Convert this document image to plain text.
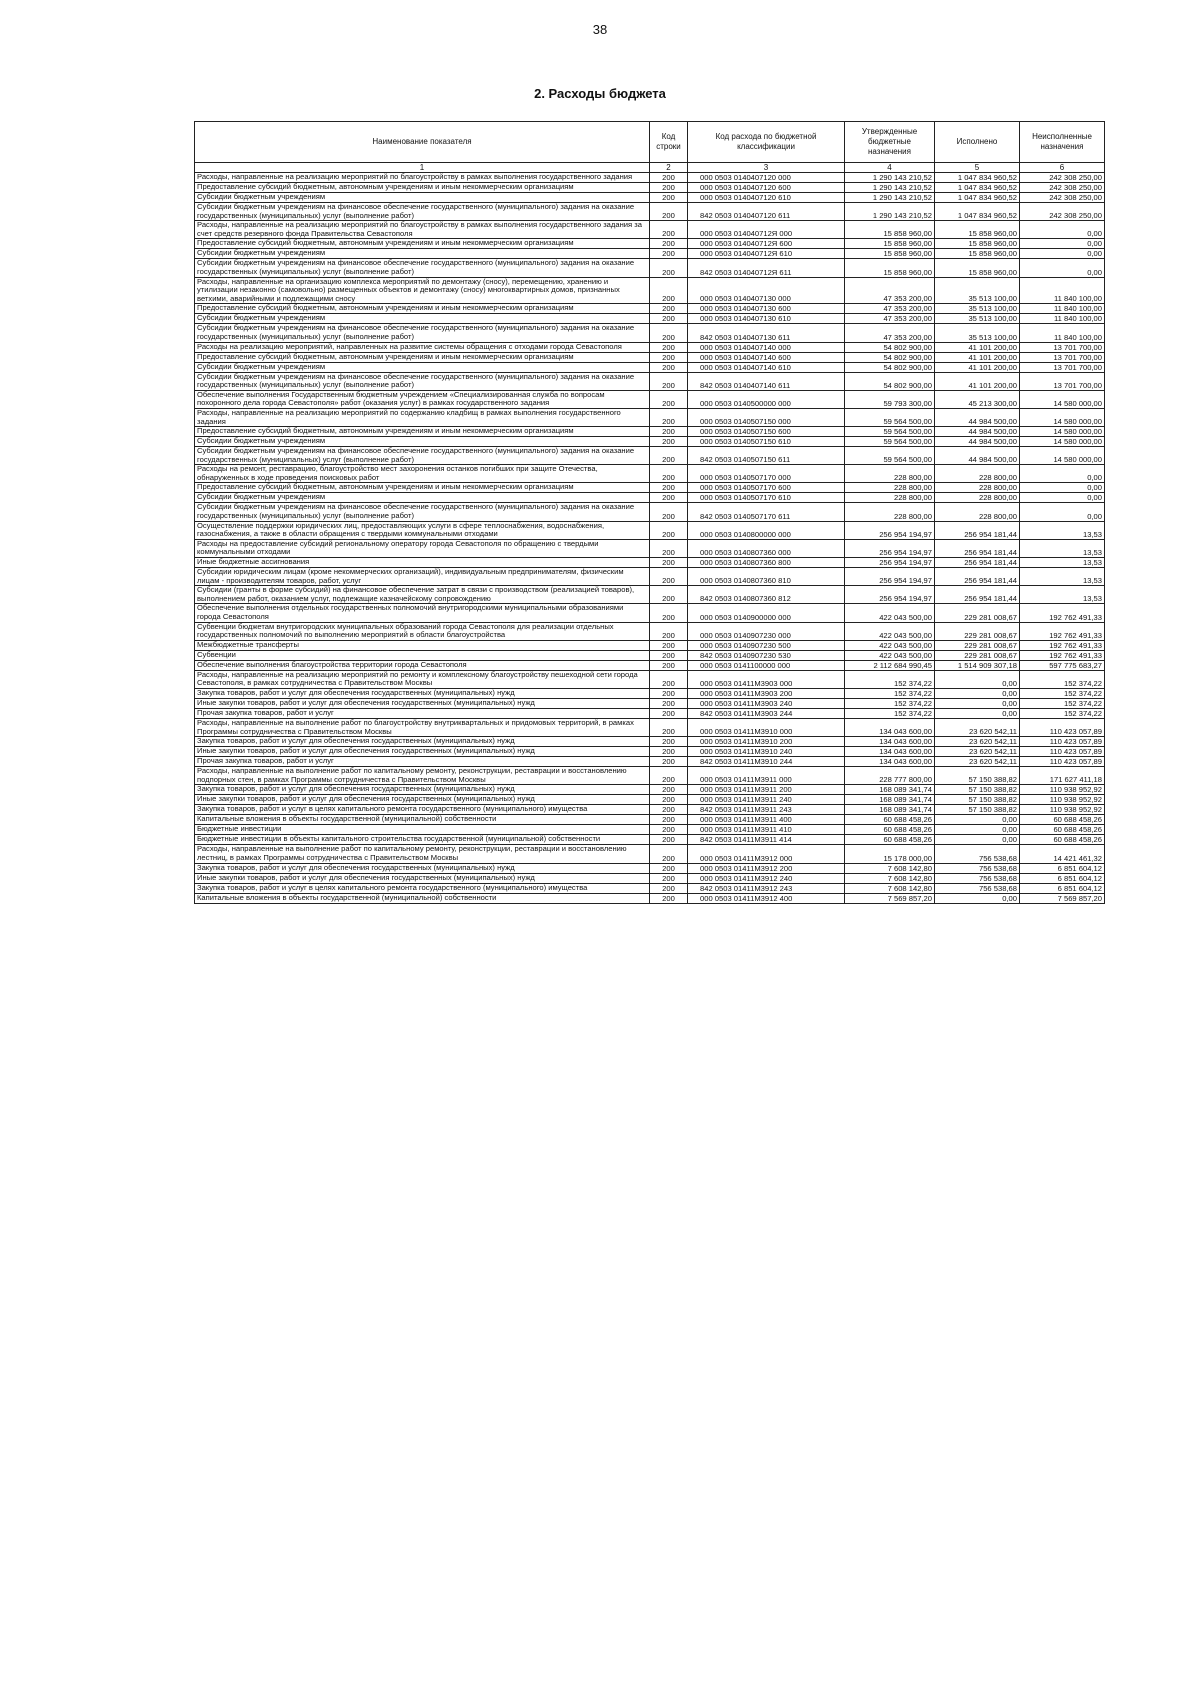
38
2. Расходы бюджета
Наименование показателя	Код строки	Код расхода по бюджетной классификации	Утвержденные бюджетные назначения	Исполнено	Неисполненные назначения
1	2	3	4	5	6
Расходы, направленные на реализацию мероприятий по благоустройству в рамках выполнения государственного задания	200	000 0503 0140407120 000	1 290 143 210,52	1 047 834 960,52	242 308 250,00
Предоставление субсидий бюджетным, автономным учреждениям и иным некоммерческим организациям	200	000 0503 0140407120 600	1 290 143 210,52	1 047 834 960,52	242 308 250,00
Субсидии бюджетным учреждениям	200	000 0503 0140407120 610	1 290 143 210,52	1 047 834 960,52	242 308 250,00
Субсидии бюджетным учреждениям на финансовое обеспечение государственного (муниципального) задания на оказание государственных (муниципальных) услуг (выполнение работ)	200	842 0503 0140407120 611	1 290 143 210,52	1 047 834 960,52	242 308 250,00
Расходы, направленные на реализацию мероприятий по благоустройству в рамках выполнения государственного задания за счет средств резервного фонда Правительства Севастополя	200	000 0503 014040712Я 000	15 858 960,00	15 858 960,00	0,00
Предоставление субсидий бюджетным, автономным учреждениям и иным некоммерческим организациям	200	000 0503 014040712Я 600	15 858 960,00	15 858 960,00	0,00
Субсидии бюджетным учреждениям	200	000 0503 014040712Я 610	15 858 960,00	15 858 960,00	0,00
Субсидии бюджетным учреждениям на финансовое обеспечение государственного (муниципального) задания на оказание государственных (муниципальных) услуг (выполнение работ)	200	842 0503 014040712Я 611	15 858 960,00	15 858 960,00	0,00
Расходы, направленные на организацию комплекса мероприятий по демонтажу (сносу), перемещению, хранению и утилизации незаконно (самовольно) размещенных объектов и демонтажу (сносу) многоквартирных домов, признанных ветхими, аварийными и подлежащими сносу	200	000 0503 0140407130 000	47 353 200,00	35 513 100,00	11 840 100,00
Предоставление субсидий бюджетным, автономным учреждениям и иным некоммерческим организациям	200	000 0503 0140407130 600	47 353 200,00	35 513 100,00	11 840 100,00
Субсидии бюджетным учреждениям	200	000 0503 0140407130 610	47 353 200,00	35 513 100,00	11 840 100,00
Субсидии бюджетным учреждениям на финансовое обеспечение государственного (муниципального) задания на оказание государственных (муниципальных) услуг (выполнение работ)	200	842 0503 0140407130 611	47 353 200,00	35 513 100,00	11 840 100,00
Расходы на реализацию мероприятий, направленных на развитие системы обращения с отходами города Севастополя	200	000 0503 0140407140 000	54 802 900,00	41 101 200,00	13 701 700,00
Предоставление субсидий бюджетным, автономным учреждениям и иным некоммерческим организациям	200	000 0503 0140407140 600	54 802 900,00	41 101 200,00	13 701 700,00
Субсидии бюджетным учреждениям	200	000 0503 0140407140 610	54 802 900,00	41 101 200,00	13 701 700,00
Субсидии бюджетным учреждениям на финансовое обеспечение государственного (муниципального) задания на оказание государственных (муниципальных) услуг (выполнение работ)	200	842 0503 0140407140 611	54 802 900,00	41 101 200,00	13 701 700,00
Обеспечение выполнения Государственным бюджетным учреждением «Специализированная служба по вопросам похоронного дела города Севастополя» работ (оказания услуг) в рамках государственного задания	200	000 0503 0140500000 000	59 793 300,00	45 213 300,00	14 580 000,00
Расходы, направленные на реализацию мероприятий по содержанию кладбищ в рамках выполнения государственного задания	200	000 0503 0140507150 000	59 564 500,00	44 984 500,00	14 580 000,00
Предоставление субсидий бюджетным, автономным учреждениям и иным некоммерческим организациям	200	000 0503 0140507150 600	59 564 500,00	44 984 500,00	14 580 000,00
Субсидии бюджетным учреждениям	200	000 0503 0140507150 610	59 564 500,00	44 984 500,00	14 580 000,00
Субсидии бюджетным учреждениям на финансовое обеспечение государственного (муниципального) задания на оказание государственных (муниципальных) услуг (выполнение работ)	200	842 0503 0140507150 611	59 564 500,00	44 984 500,00	14 580 000,00
Расходы на ремонт, реставрацию, благоустройство мест захоронения останков погибших при защите Отечества, обнаруженных в ходе проведения поисковых работ	200	000 0503 0140507170 000	228 800,00	228 800,00	0,00
Предоставление субсидий бюджетным, автономным учреждениям и иным некоммерческим организациям	200	000 0503 0140507170 600	228 800,00	228 800,00	0,00
Субсидии бюджетным учреждениям	200	000 0503 0140507170 610	228 800,00	228 800,00	0,00
Субсидии бюджетным учреждениям на финансовое обеспечение государственного (муниципального) задания на оказание государственных (муниципальных) услуг (выполнение работ)	200	842 0503 0140507170 611	228 800,00	228 800,00	0,00
Осуществление поддержки юридических лиц, предоставляющих услуги в сфере теплоснабжения, водоснабжения, газоснабжения, а также в области обращения с твердыми коммунальными отходами	200	000 0503 0140800000 000	256 954 194,97	256 954 181,44	13,53
Расходы на предоставление субсидий региональному оператору города Севастополя по обращению с твердыми коммунальными отходами	200	000 0503 0140807360 000	256 954 194,97	256 954 181,44	13,53
Иные бюджетные ассигнования	200	000 0503 0140807360 800	256 954 194,97	256 954 181,44	13,53
Субсидии юридическим лицам (кроме некоммерческих организаций), индивидуальным предпринимателям, физическим лицам - производителям товаров, работ, услуг	200	000 0503 0140807360 810	256 954 194,97	256 954 181,44	13,53
Субсидии (гранты в форме субсидий) на финансовое обеспечение затрат в связи с производством (реализацией товаров), выполнением работ, оказанием услуг, подлежащие казначейскому сопровождению	200	842 0503 0140807360 812	256 954 194,97	256 954 181,44	13,53
Обеспечение выполнения отдельных государственных полномочий внутригородскими муниципальными образованиями города Севастополя	200	000 0503 0140900000 000	422 043 500,00	229 281 008,67	192 762 491,33
Субвенции бюджетам внутригородских муниципальных образований города Севастополя для реализации отдельных государственных полномочий по выполнению мероприятий в области благоустройства	200	000 0503 0140907230 000	422 043 500,00	229 281 008,67	192 762 491,33
Межбюджетные трансферты	200	000 0503 0140907230 500	422 043 500,00	229 281 008,67	192 762 491,33
Субвенции	200	842 0503 0140907230 530	422 043 500,00	229 281 008,67	192 762 491,33
Обеспечение выполнения благоустройства территории города Севастополя	200	000 0503 0141100000 000	2 112 684 990,45	1 514 909 307,18	597 775 683,27
Расходы, направленные на реализацию мероприятий по ремонту и комплексному благоустройству пешеходной сети города Севастополя, в рамках сотрудничества с Правительством Москвы	200	000 0503 01411M3903 000	152 374,22	0,00	152 374,22
Закупка товаров, работ и услуг для обеспечения государственных (муниципальных) нужд	200	000 0503 01411M3903 200	152 374,22	0,00	152 374,22
Иные закупки товаров, работ и услуг для обеспечения государственных (муниципальных) нужд	200	000 0503 01411M3903 240	152 374,22	0,00	152 374,22
Прочая закупка товаров, работ и услуг	200	842 0503 01411M3903 244	152 374,22	0,00	152 374,22
Расходы, направленные на выполнение работ по благоустройству внутриквартальных и придомовых территорий, в рамках Программы сотрудничества с Правительством Москвы	200	000 0503 01411M3910 000	134 043 600,00	23 620 542,11	110 423 057,89
Закупка товаров, работ и услуг для обеспечения государственных (муниципальных) нужд	200	000 0503 01411M3910 200	134 043 600,00	23 620 542,11	110 423 057,89
Иные закупки товаров, работ и услуг для обеспечения государственных (муниципальных) нужд	200	000 0503 01411M3910 240	134 043 600,00	23 620 542,11	110 423 057,89
Прочая закупка товаров, работ и услуг	200	842 0503 01411M3910 244	134 043 600,00	23 620 542,11	110 423 057,89
Расходы, направленные на выполнение работ по капитальному ремонту, реконструкции, реставрации и восстановлению подпорных стен, в рамках Программы сотрудничества с Правительством Москвы	200	000 0503 01411M3911 000	228 777 800,00	57 150 388,82	171 627 411,18
Закупка товаров, работ и услуг для обеспечения государственных (муниципальных) нужд	200	000 0503 01411M3911 200	168 089 341,74	57 150 388,82	110 938 952,92
Иные закупки товаров, работ и услуг для обеспечения государственных (муниципальных) нужд	200	000 0503 01411M3911 240	168 089 341,74	57 150 388,82	110 938 952,92
Закупка товаров, работ и услуг в целях капитального ремонта государственного (муниципального) имущества	200	842 0503 01411M3911 243	168 089 341,74	57 150 388,82	110 938 952,92
Капитальные вложения в объекты государственной (муниципальной) собственности	200	000 0503 01411M3911 400	60 688 458,26	0,00	60 688 458,26
Бюджетные инвестиции	200	000 0503 01411M3911 410	60 688 458,26	0,00	60 688 458,26
Бюджетные инвестиции в объекты капитального строительства государственной (муниципальной) собственности	200	842 0503 01411M3911 414	60 688 458,26	0,00	60 688 458,26
Расходы, направленные на выполнение работ по капитальному ремонту, реконструкции, реставрации и восстановлению лестниц, в рамках Программы сотрудничества с Правительством Москвы	200	000 0503 01411M3912 000	15 178 000,00	756 538,68	14 421 461,32
Закупка товаров, работ и услуг для обеспечения государственных (муниципальных) нужд	200	000 0503 01411M3912 200	7 608 142,80	756 538,68	6 851 604,12
Иные закупки товаров, работ и услуг для обеспечения государственных (муниципальных) нужд	200	000 0503 01411M3912 240	7 608 142,80	756 538,68	6 851 604,12
Закупка товаров, работ и услуг в целях капитального ремонта государственного (муниципального) имущества	200	842 0503 01411M3912 243	7 608 142,80	756 538,68	6 851 604,12
Капитальные вложения в объекты государственной (муниципальной) собственности	200	000 0503 01411M3912 400	7 569 857,20	0,00	7 569 857,20
